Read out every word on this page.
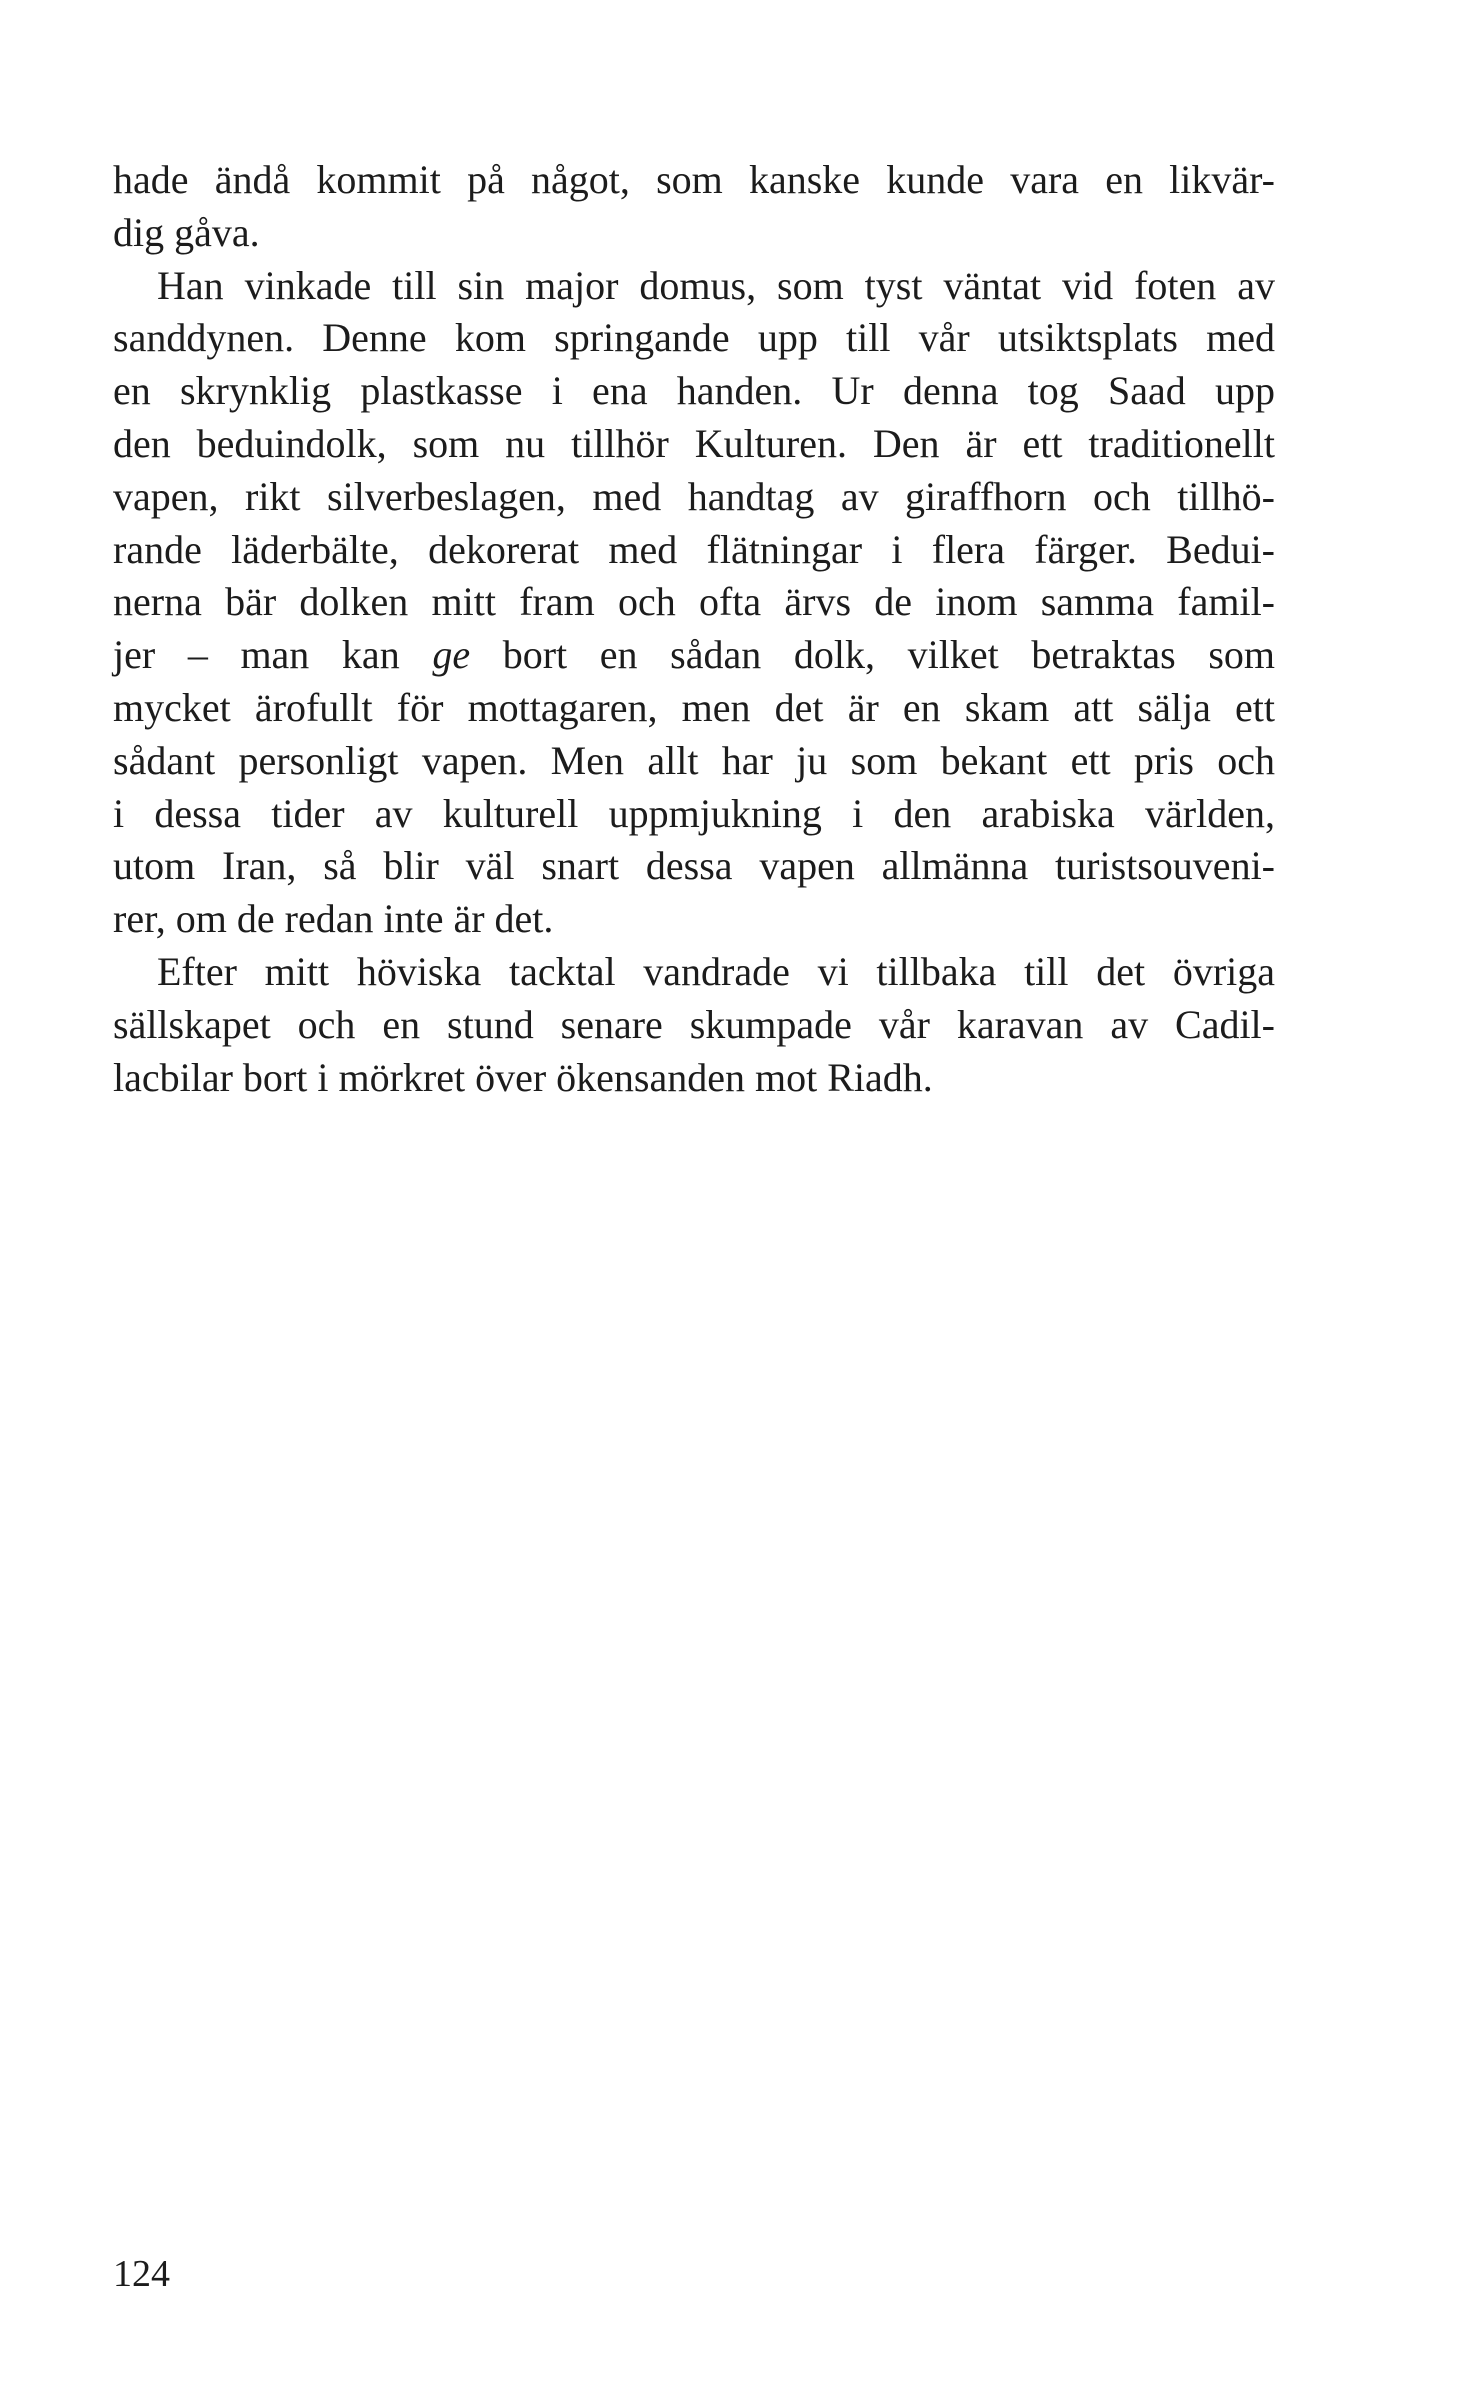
hade ändå kommit på något, som kanske kunde vara en likvär-
dig gåva.
Han vinkade till sin major domus, som tyst väntat vid foten av
sanddynen. Denne kom springande upp till vår utsiktsplats med
en skrynklig plastkasse i ena handen. Ur denna tog Saad upp
den beduindolk, som nu tillhör Kulturen. Den är ett traditionellt
vapen, rikt silverbeslagen, med handtag av giraffhorn och tillhö-
rande läderbälte, dekorerat med flätningar i flera färger. Bedui-
nerna bär dolken mitt fram och ofta ärvs de inom samma famil-
jer – man kan ge bort en sådan dolk, vilket betraktas som
mycket ärofullt för mottagaren, men det är en skam att sälja ett
sådant personligt vapen. Men allt har ju som bekant ett pris och
i dessa tider av kulturell uppmjukning i den arabiska världen,
utom Iran, så blir väl snart dessa vapen allmänna turistsouveni-
rer, om de redan inte är det.
Efter mitt höviska tacktal vandrade vi tillbaka till det övriga
sällskapet och en stund senare skumpade vår karavan av Cadil-
lacbilar bort i mörkret över ökensanden mot Riadh.
124
